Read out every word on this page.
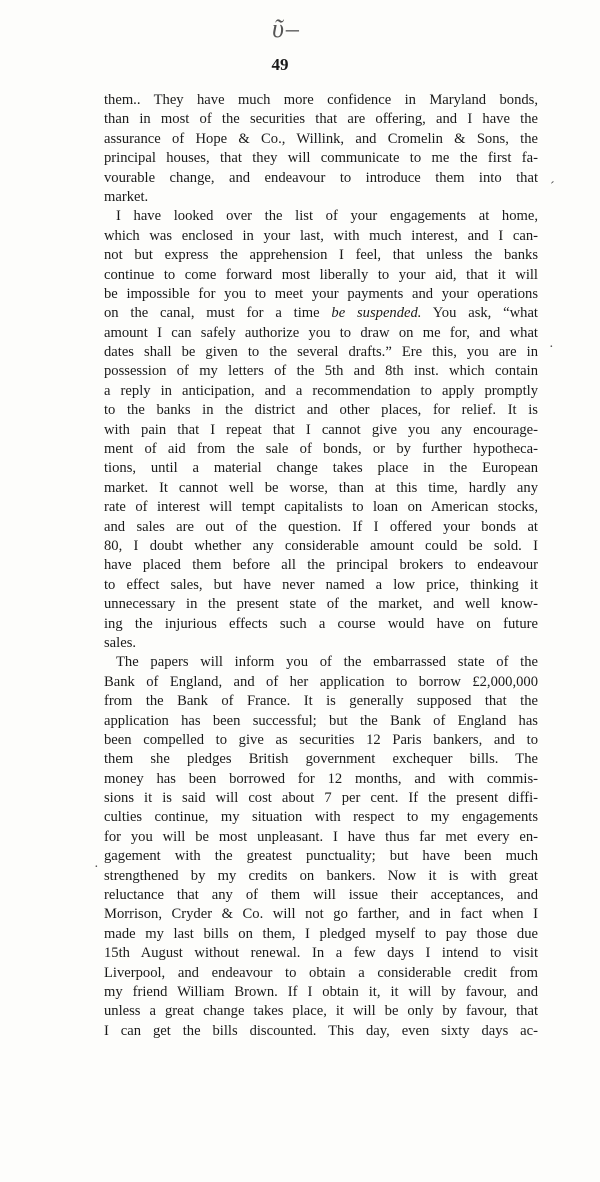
ῦ‒
49
ˊ
·
·
them.. They have much more confidence in Maryland bonds,
than in most of the securities that are offering, and I have the
assurance of Hope & Co., Willink, and Cromelin & Sons, the
principal houses, that they will communicate to me the first fa-
vourable change, and endeavour to introduce them into that
market.
I have looked over the list of your engagements at home,
which was enclosed in your last, with much interest, and I can-
not but express the apprehension I feel, that unless the banks
continue to come forward most liberally to your aid, that it will
be impossible for you to meet your payments and your operations
on the canal, must for a time be suspended. You ask, “what
amount I can safely authorize you to draw on me for, and what
dates shall be given to the several drafts.” Ere this, you are in
possession of my letters of the 5th and 8th inst. which contain
a reply in anticipation, and a recommendation to apply promptly
to the banks in the district and other places, for relief. It is
with pain that I repeat that I cannot give you any encourage-
ment of aid from the sale of bonds, or by further hypotheca-
tions, until a material change takes place in the European
market. It cannot well be worse, than at this time, hardly any
rate of interest will tempt capitalists to loan on American stocks,
and sales are out of the question. If I offered your bonds at
80, I doubt whether any considerable amount could be sold. I
have placed them before all the principal brokers to endeavour
to effect sales, but have never named a low price, thinking it
unnecessary in the present state of the market, and well know-
ing the injurious effects such a course would have on future
sales.
The papers will inform you of the embarrassed state of the
Bank of England, and of her application to borrow £2,000,000
from the Bank of France. It is generally supposed that the
application has been successful; but the Bank of England has
been compelled to give as securities 12 Paris bankers, and to
them she pledges British government exchequer bills. The
money has been borrowed for 12 months, and with commis-
sions it is said will cost about 7 per cent. If the present diffi-
culties continue, my situation with respect to my engagements
for you will be most unpleasant. I have thus far met every en-
gagement with the greatest punctuality; but have been much
strengthened by my credits on bankers. Now it is with great
reluctance that any of them will issue their acceptances, and
Morrison, Cryder & Co. will not go farther, and in fact when I
made my last bills on them, I pledged myself to pay those due
15th August without renewal. In a few days I intend to visit
Liverpool, and endeavour to obtain a considerable credit from
my friend William Brown. If I obtain it, it will by favour, and
unless a great change takes place, it will be only by favour, that
I can get the bills discounted. This day, even sixty days ac-
